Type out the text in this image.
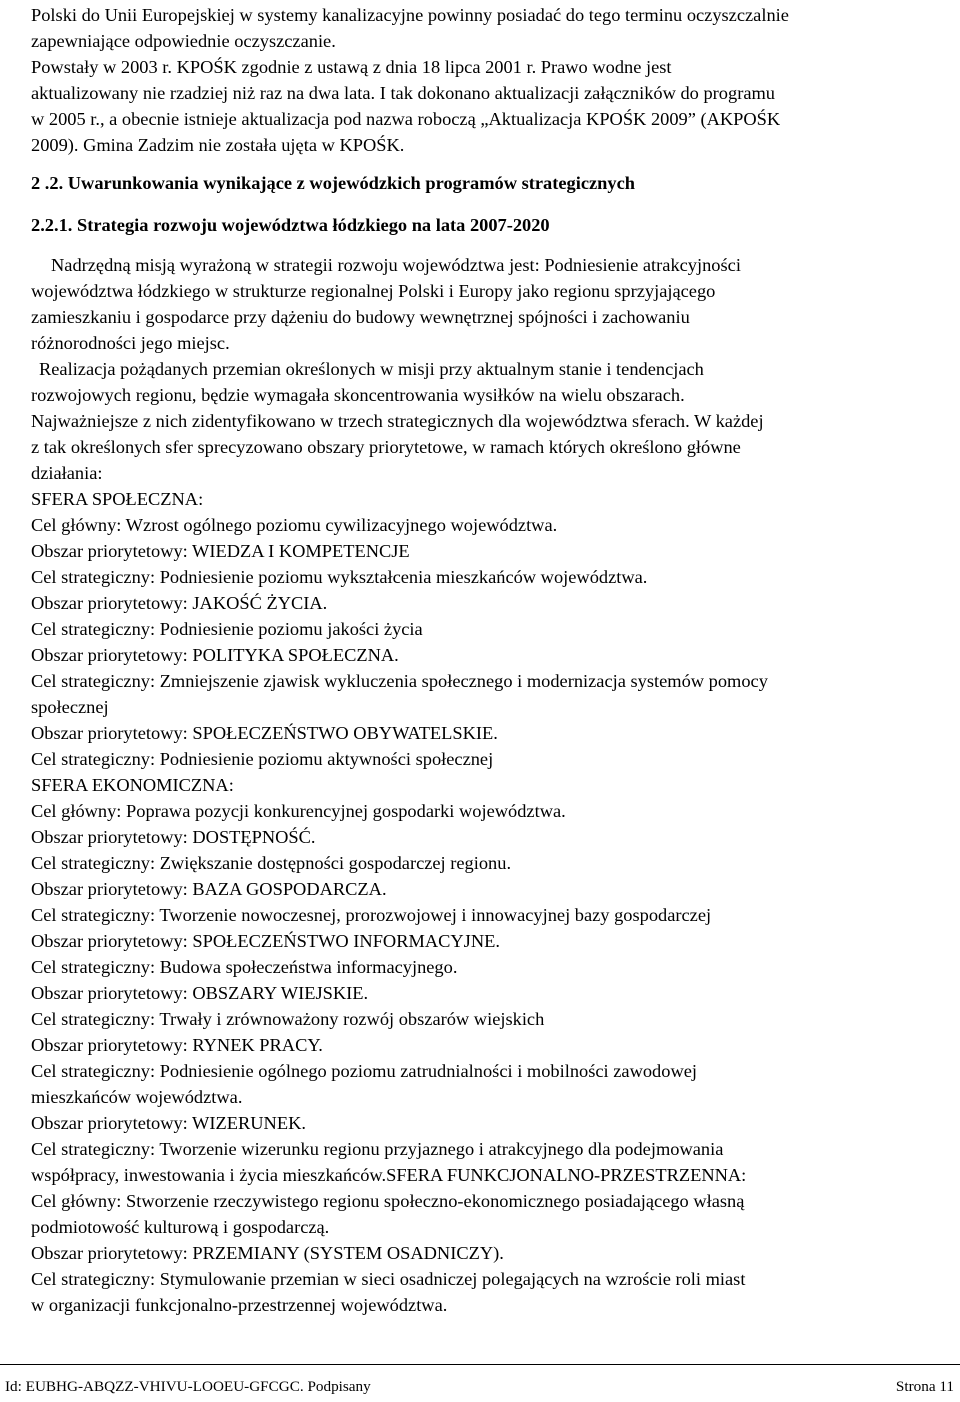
Polski do Unii Europejskiej w systemy kanalizacyjne powinny posiadać do tego terminu oczyszczalnie
zapewniające odpowiednie oczyszczanie.
Powstały w 2003 r. KPOŚK zgodnie z ustawą z dnia 18 lipca 2001 r. Prawo wodne jest
aktualizowany nie rzadziej niż raz na dwa lata. I tak dokonano aktualizacji załączników do programu
w 2005 r., a obecnie istnieje aktualizacja pod nazwa roboczą „Aktualizacja KPOŚK 2009” (AKPOŚK
2009). Gmina Zadzim nie została ujęta w KPOŚK.
2 .2. Uwarunkowania wynikające z wojewódzkich programów strategicznych
2.2.1. Strategia rozwoju województwa łódzkiego na lata 2007-2020
Nadrzędną misją wyrażoną w strategii rozwoju województwa jest: Podniesienie atrakcyjności
województwa łódzkiego w strukturze regionalnej Polski i Europy jako regionu sprzyjającego
zamieszkaniu i gospodarce przy dążeniu do budowy wewnętrznej spójności i zachowaniu
różnorodności jego miejsc.
Realizacja pożądanych przemian określonych w misji przy aktualnym stanie i tendencjach
rozwojowych regionu, będzie wymagała skoncentrowania wysiłków na wielu obszarach.
Najważniejsze z nich zidentyfikowano w trzech strategicznych dla województwa sferach. W każdej
z tak określonych sfer sprecyzowano obszary priorytetowe, w ramach których określono główne
działania:
SFERA SPOŁECZNA:
Cel główny: Wzrost ogólnego poziomu cywilizacyjnego województwa.
Obszar priorytetowy: WIEDZA I KOMPETENCJE
Cel strategiczny: Podniesienie poziomu wykształcenia mieszkańców województwa.
Obszar priorytetowy: JAKOŚĆ ŻYCIA.
Cel strategiczny: Podniesienie poziomu jakości życia
Obszar priorytetowy: POLITYKA SPOŁECZNA.
Cel strategiczny: Zmniejszenie zjawisk wykluczenia społecznego i modernizacja systemów pomocy
społecznej
Obszar priorytetowy: SPOŁECZEŃSTWO OBYWATELSKIE.
Cel strategiczny: Podniesienie poziomu aktywności społecznej
SFERA EKONOMICZNA:
Cel główny: Poprawa pozycji konkurencyjnej gospodarki województwa.
Obszar priorytetowy: DOSTĘPNOŚĆ.
Cel strategiczny: Zwiększanie dostępności gospodarczej regionu.
Obszar priorytetowy: BAZA GOSPODARCZA.
Cel strategiczny: Tworzenie nowoczesnej, prorozwojowej i innowacyjnej bazy gospodarczej
Obszar priorytetowy: SPOŁECZEŃSTWO INFORMACYJNE.
Cel strategiczny: Budowa społeczeństwa informacyjnego.
Obszar priorytetowy: OBSZARY WIEJSKIE.
Cel strategiczny: Trwały i zrównoważony rozwój obszarów wiejskich
Obszar priorytetowy: RYNEK PRACY.
Cel strategiczny: Podniesienie ogólnego poziomu zatrudnialności i mobilności zawodowej
mieszkańców województwa.
Obszar priorytetowy: WIZERUNEK.
Cel strategiczny: Tworzenie wizerunku regionu przyjaznego i atrakcyjnego dla podejmowania
współpracy, inwestowania i życia mieszkańców.SFERA FUNKCJONALNO-PRZESTRZENNA:
Cel główny: Stworzenie rzeczywistego regionu społeczno-ekonomicznego posiadającego własną
podmiotowość kulturową i gospodarczą.
Obszar priorytetowy: PRZEMIANY (SYSTEM OSADNICZY).
Cel strategiczny: Stymulowanie przemian w sieci osadniczej polegających na wzroście roli miast
w organizacji funkcjonalno-przestrzennej województwa.
Id: EUBHG-ABQZZ-VHIVU-LOOEU-GFCGC. Podpisany	Strona 11
